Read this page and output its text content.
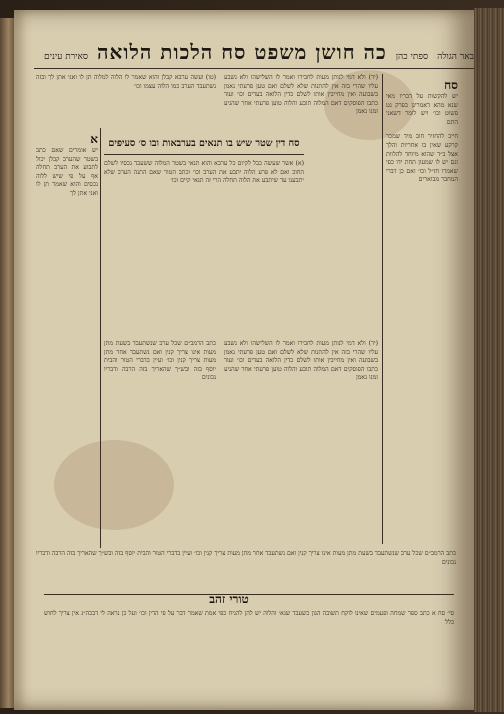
באר הגולה
ספתי כהן
כה חושן משפט סח הלכות הלואה
סאירת עינים
סח
יש להקשות על דבריו מאי שנא מהא דאמרינן בפרק גט פשוט וכו׳ ויש לומר דשאני התם
חייב להחזיר חוב מיד שמכר קרקע שאין בו אחריות והלך אצל ב״ד שהוא מיוחד להלוות וגם יש לו שמעון תחת ידו כפי שאמרו חז״ל וכו׳ ואם כן דברי המחבר מבוארים
(יד) ולא דמי לנותן מעות לחבירו ואמר לו השלישהו ולא נשבע עליו שהרי בזה אין להתנות שלא לשלם ואם טען פרעתי נאמן בשבועה ואין מחייבין אותו לשלם כדין הלואה בעדים וכו׳ ועוד כתבו הפוסקים דאם המלוה תובע והלוה טוען פרעתי אחר שהגיע זמנו נאמן
(טו) ועשה ערבא קבלן והוא שאמר לו הלוה למלוה תן לו ואני אתן לך ובזה נשתעבד הערב כמו הלוה עצמו וכו׳
סח דין שטר שיש בו תנאים בערבאות ובו ס׳ סעיפים
(א) אשר שעשה כבל לקיום כל ערבא והוא תנאי בשטר המלוה ששעבד נכסיו לשלם החוב ואם לא פרע הלוה יתבע את הערב וכו׳ וכתב הטור שאם התנה הערב שלא יתבענו עד שיתבע את הלוה תחלה הרי זה תנאי קיים וכו׳
א
יש אומרים שאם כתב בשטר שהערב קבלן יכול לתבוע את הערב תחלה אף על פי שיש ללוה נכסים והוא שאמר תן לו ואני אתן לך
(יד) ולא דמי לנותן מעות לחבירו ואמר לו השלישהו ולא נשבע עליו שהרי בזה אין להתנות שלא לשלם ואם טען פרעתי נאמן בשבועה ואין מחייבין אותו לשלם כדין הלואה בעדים וכו׳ ועוד כתבו הפוסקים דאם המלוה תובע והלוה טוען פרעתי אחר שהגיע זמנו נאמן
כתב הרמב״ם שכל ערב שנשתעבד בשעת מתן מעות אינו צריך קנין ואם נשתעבד אחר מתן מעות צריך קנין וכו׳ ועיין בדברי הטור והבית יוסף בזה ובש״ך שהאריך בזה הרבה ודבריו נכונים
כתב הרמב״ם שכל ערב שנשתעבד בשעת מתן מעות אינו צריך קנין ואם נשתעבד אחר מתן מעות צריך קנין וכו׳ ועיין בדברי הטור והבית יוסף בזה ובש״ך שהאריך בזה הרבה ודבריו נכונים
טורי זהב
סי׳ סח א כתב ספר שמחה ופעמים שאינו לוקח תשובה הגון כשעבד שנא׳ והלוה יש להן להניח כפי אמת שאמר דבר על פי הדין וכו׳ ועל כן נראה לי דבכה״ג אין צריך לחוש כלל
